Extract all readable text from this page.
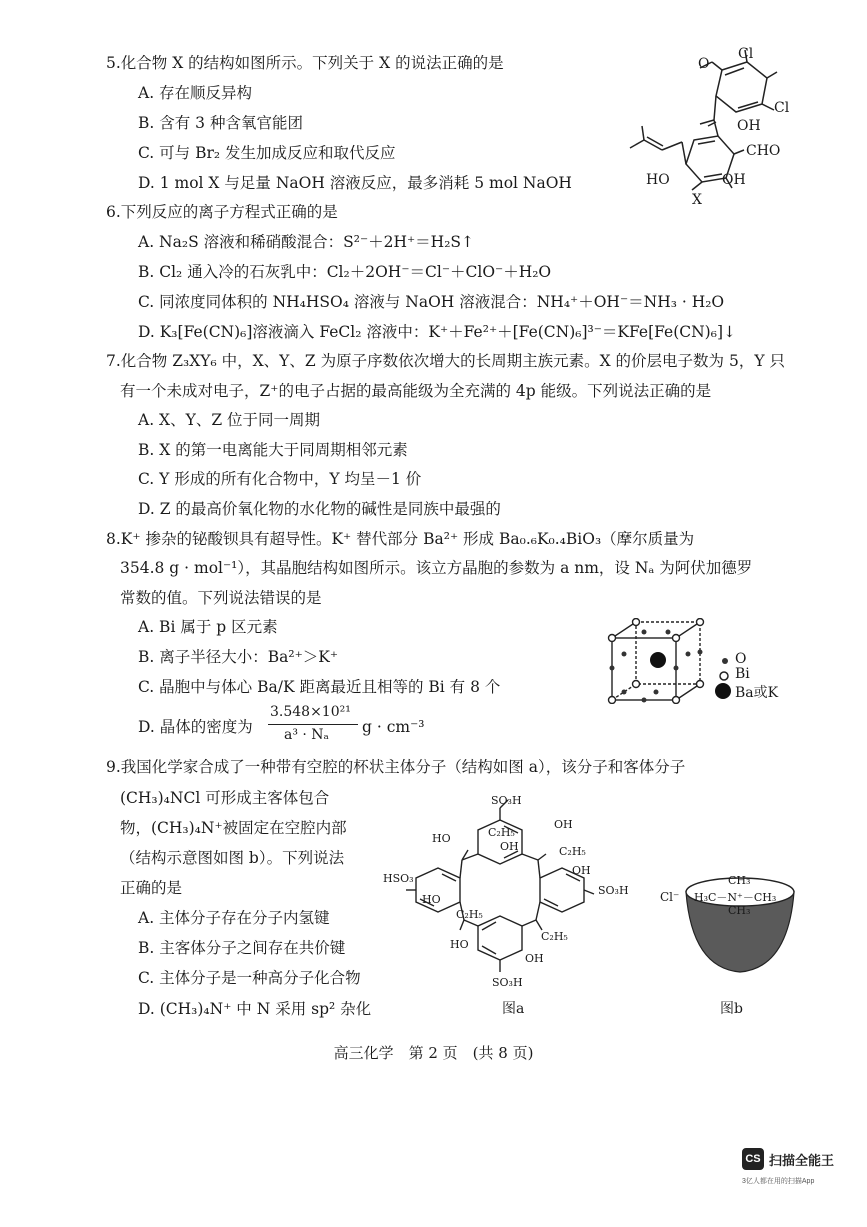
5.化合物 X 的结构如图所示。下列关于 X 的说法正确的是
A. 存在顺反异构
B. 含有 3 种含氧官能团
C. 可与 Br₂ 发生加成反应和取代反应
D. 1 mol X 与足量 NaOH 溶液反应，最多消耗 5 mol NaOH
O
Cl
Cl
OH
CHO
HO	OH
X
6.下列反应的离子方程式正确的是
A. Na₂S 溶液和稀硝酸混合：S²⁻＋2H⁺＝H₂S↑
B. Cl₂ 通入冷的石灰乳中：Cl₂＋2OH⁻＝Cl⁻＋ClO⁻＋H₂O
C. 同浓度同体积的 NH₄HSO₄ 溶液与 NaOH 溶液混合：NH₄⁺＋OH⁻＝NH₃ · H₂O
D. K₃[Fe(CN)₆]溶液滴入 FeCl₂ 溶液中：K⁺＋Fe²⁺＋[Fe(CN)₆]³⁻＝KFe[Fe(CN)₆]↓
7.化合物 Z₃XY₆ 中，X、Y、Z 为原子序数依次增大的长周期主族元素。X 的价层电子数为 5，Y 只
有一个未成对电子，Z⁺的电子占据的最高能级为全充满的 4p 能级。下列说法正确的是
A. X、Y、Z 位于同一周期
B. X 的第一电离能大于同周期相邻元素
C. Y 形成的所有化合物中，Y 均呈－1 价
D. Z 的最高价氧化物的水化物的碱性是同族中最强的
8.K⁺ 掺杂的铋酸钡具有超导性。K⁺ 替代部分 Ba²⁺ 形成 Ba₀.₆K₀.₄BiO₃（摩尔质量为
354.8 g · mol⁻¹），其晶胞结构如图所示。该立方晶胞的参数为 a nm，设 Nₐ 为阿伏加德罗
常数的值。下列说法错误的是
A. Bi 属于 p 区元素
B. 离子半径大小：Ba²⁺＞K⁺
C. 晶胞中与体心 Ba/K 距离最近且相等的 Bi 有 8 个
D. 晶体的密度为
3.548×10²¹
a³ · Nₐ g · cm⁻³
O
Bi
Ba或K
9.我国化学家合成了一种带有空腔的杯状主体分子（结构如图 a），该分子和客体分子
(CH₃)₄NCl 可形成主客体包合
物，(CH₃)₄N⁺被固定在空腔内部
（结构示意图如图 b）。下列说法
正确的是
A. 主体分子存在分子内氢键
B. 主客体分子之间存在共价键
C. 主体分子是一种高分子化合物
D. (CH₃)₄N⁺ 中 N 采用 sp² 杂化
SO₃H
C₂H₅
OH
OH
C₂H₅
HO
HSO₃
HO
OH
SO₃H
C₂H₅
C₂H₅
HO
OH
SO₃H
图a
Cl⁻
CH₃
H₃C－N⁺－CH₃
CH₃
图b
高三化学　第 2 页　(共 8 页)
CS 扫描全能王
3亿人都在用的扫描App
